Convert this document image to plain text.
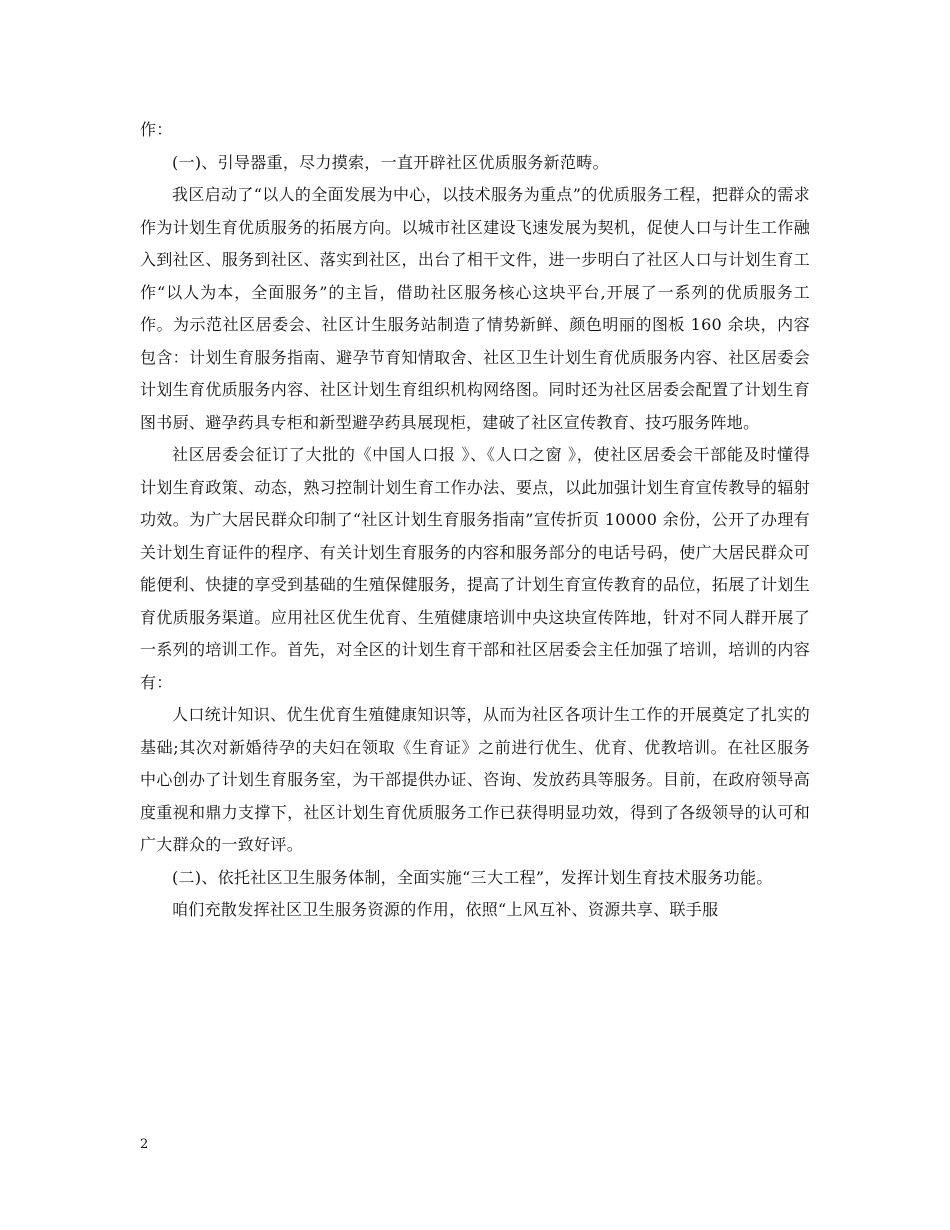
作：

(一)、引导器重，尽力摸索，一直开辟社区优质服务新范畴。

我区启动了“以人的全面发展为中心，以技术服务为重点”的优质服务工程，把群众的需求作为计划生育优质服务的拓展方向。以城市社区建设飞速发展为契机，促使人口与计生工作融入到社区、服务到社区、落实到社区，出台了相干文件，进一步明白了社区人口与计划生育工作“以人为本，全面服务”的主旨，借助社区服务核心这块平台,开展了一系列的优质服务工作。为示范社区居委会、社区计生服务站制造了情势新鲜、颜色明丽的图板 160 余块，内容包含：计划生育服务指南、避孕节育知情取舍、社区卫生计划生育优质服务内容、社区居委会计划生育优质服务内容、社区计划生育组织机构网络图。同时还为社区居委会配置了计划生育图书厨、避孕药具专柜和新型避孕药具展现柜，建破了社区宣传教育、技巧服务阵地。

社区居委会征订了大批的《中国人口报 》、《人口之窗 》，使社区居委会干部能及时懂得计划生育政策、动态，熟习控制计划生育工作办法、要点，以此加强计划生育宣传教导的辐射功效。为广大居民群众印制了“社区计划生育服务指南”宣传折页 10000 余份，公开了办理有关计划生育证件的程序、有关计划生育服务的内容和服务部分的电话号码，使广大居民群众可能便利、快捷的享受到基础的生殖保健服务，提高了计划生育宣传教育的品位，拓展了计划生育优质服务渠道。应用社区优生优育、生殖健康培训中央这块宣传阵地，针对不同人群开展了一系列的培训工作。首先，对全区的计划生育干部和社区居委会主任加强了培训，培训的内容有：

人口统计知识、优生优育生殖健康知识等，从而为社区各项计生工作的开展奠定了扎实的基础;其次对新婚待孕的夫妇在领取《生育证》之前进行优生、优育、优教培训。在社区服务中心创办了计划生育服务室，为干部提供办证、咨询、发放药具等服务。目前，在政府领导高度重视和鼎力支撑下，社区计划生育优质服务工作已获得明显功效，得到了各级领导的认可和广大群众的一致好评。

(二)、依托社区卫生服务体制，全面实施“三大工程”，发挥计划生育技术服务功能。

咱们充散发挥社区卫生服务资源的作用，依照“上风互补、资源共享、联手服

2
